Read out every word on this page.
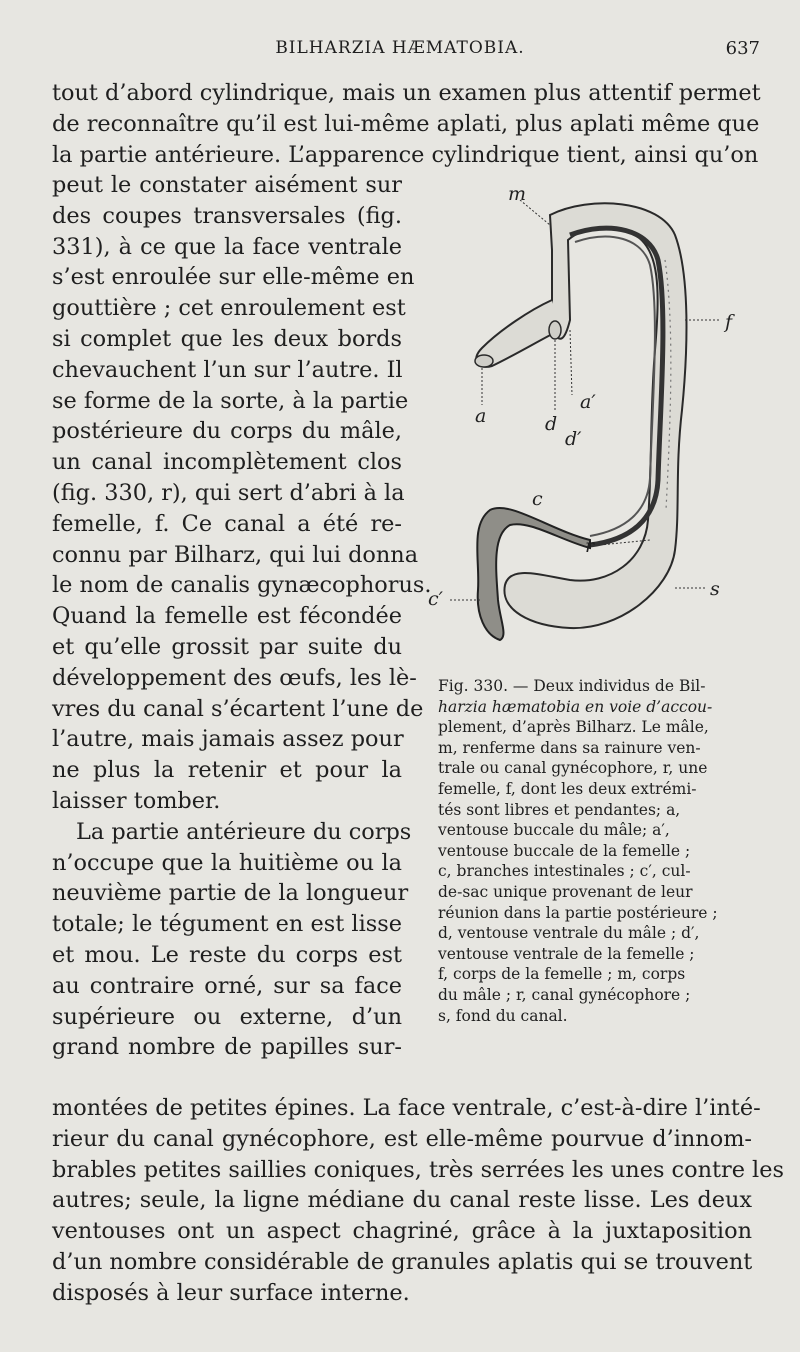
BILHARZIA HÆMATOBIA.	637
tout d’abord cylindrique, mais un examen plus attentif permet
de reconnaître qu’il est lui-même aplati, plus aplati même que
la partie antérieure. L’apparence cylindrique tient, ainsi qu’on
peut le constater aisément sur
des coupes transversales (fig.
331), à ce que la face ventrale
s’est enroulée sur elle-même en
gouttière ; cet enroulement est
si complet que les deux bords
chevauchent l’un sur l’autre. Il
se forme de la sorte, à la partie
postérieure du corps du mâle,
un canal incomplètement clos
(fig. 330, r), qui sert d’abri à la
femelle, f. Ce canal a été re-
connu par Bilharz, qui lui donna
le nom de canalis gynæcophorus.
Quand la femelle est fécondée
et qu’elle grossit par suite du
développement des œufs, les lè-
vres du canal s’écartent l’une de
l’autre, mais jamais assez pour
ne plus la retenir et pour la
laisser tomber.
La partie antérieure du corps
n’occupe que la huitième ou la
neuvième partie de la longueur
totale; le tégument en est lisse
et mou. Le reste du corps est
au contraire orné, sur sa face
supérieure ou externe, d’un
grand nombre de papilles sur-
m
f
a	d
a′
d′
c
r
c′	s
Fig. 330. — Deux individus de Bil-
harzia hæmatobia en voie d’accou-
plement, d’après Bilharz. Le mâle,
m, renferme dans sa rainure ven-
trale ou canal gynécophore, r, une
femelle, f, dont les deux extrémi-
tés sont libres et pendantes; a,
ventouse buccale du mâle; a′,
ventouse buccale de la femelle ;
c, branches intestinales ; c′, cul-
de-sac unique provenant de leur
réunion dans la partie postérieure ;
d, ventouse ventrale du mâle ; d′,
ventouse ventrale de la femelle ;
f, corps de la femelle ; m, corps
du mâle ; r, canal gynécophore ;
s, fond du canal.
montées de petites épines. La face ventrale, c’est-à-dire l’inté-
rieur du canal gynécophore, est elle-même pourvue d’innom-
brables petites saillies coniques, très serrées les unes contre les
autres; seule, la ligne médiane du canal reste lisse. Les deux
ventouses ont un aspect chagriné, grâce à la juxtaposition
d’un nombre considérable de granules aplatis qui se trouvent
disposés à leur surface interne.
